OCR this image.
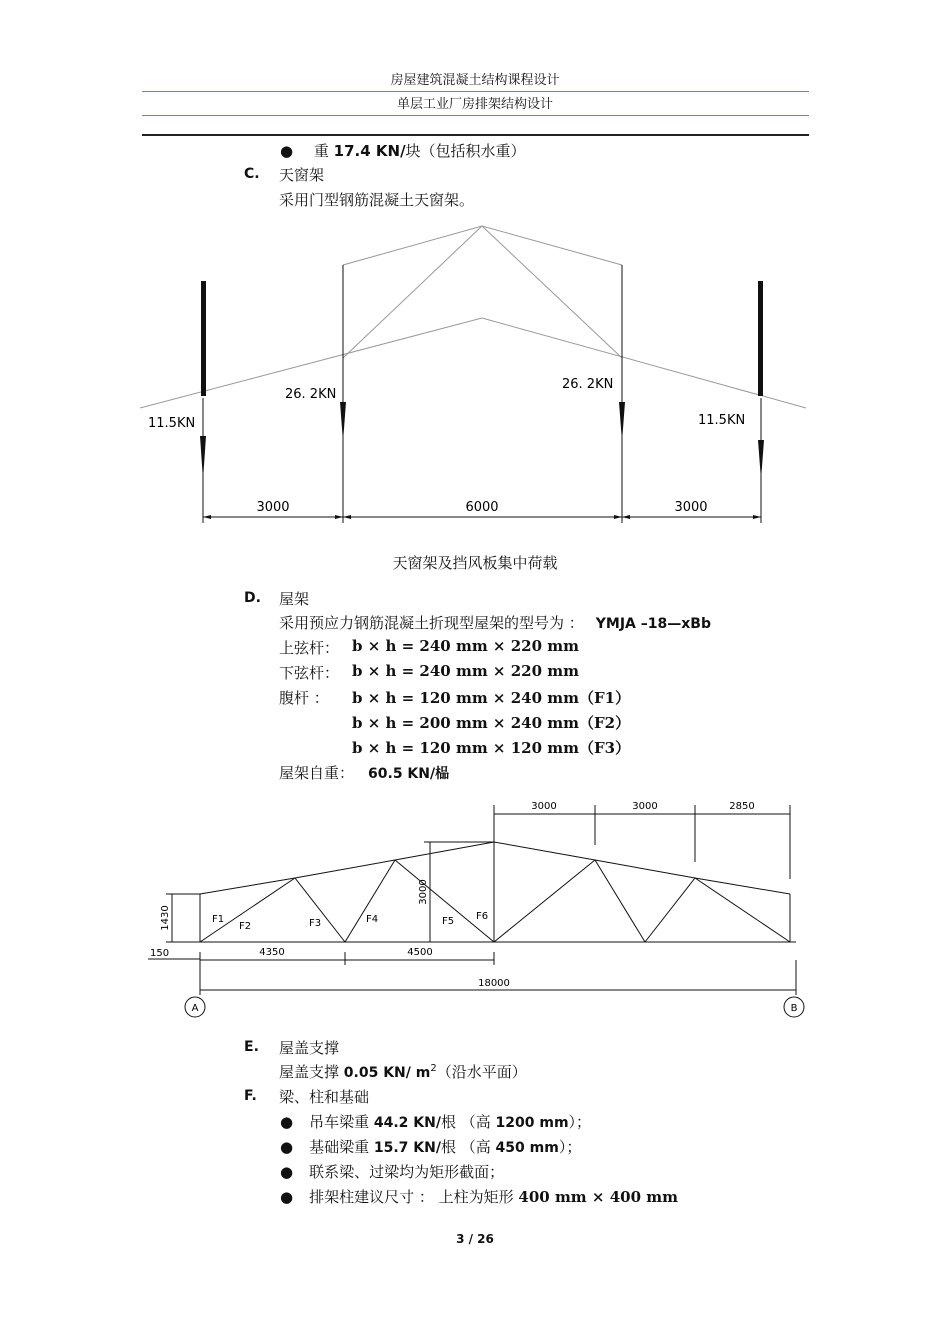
房屋建筑混凝土结构课程设计
单层工业厂房排架结构设计
● 重 17.4 KN/块（包括积水重）
C. 天窗架
采用门型钢筋混凝土天窗架。
11.5KN
26. 2KN
26. 2KN
11.5KN
3000	6000	3000
天窗架及挡风板集中荷载
D. 屋架
采用预应力钢筋混凝土折现型屋架的型号为 ： YMJA –18—xBb
上弦杆： b × h = 240 mm × 220 mm
下弦杆： b × h = 240 mm × 220 mm
腹杆 ： b × h = 120 mm × 240 mm（F1）
b × h = 200 mm × 240 mm（F2）
b × h = 120 mm × 120 mm（F3）
屋架自重： 60.5 KN/榀
3000	3000	2850
1430
3000
150	4350	4500
18000
F1
F2	F3	F4	F5 F6
A	B
E. 屋盖支撑
屋盖支撑 0.05 KN/ $m^2$（沿水平面）
F. 梁、柱和基础
● 吊车梁重 44.2 KN/根 （高 1200 mm）；
● 基础梁重 15.7 KN/根 （高 450 mm）；
● 联系梁、过梁均为矩形截面；
● 排架柱建议尺寸 ： 上柱为矩形 400 mm × 400 mm
3 / 26
